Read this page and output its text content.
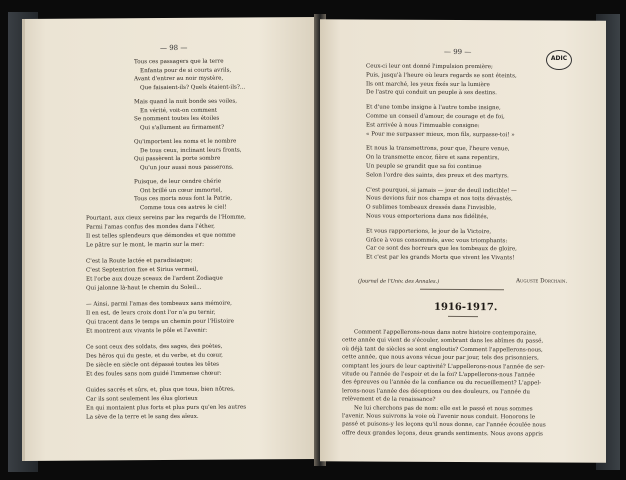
— 98 —
Tous ces passagers que la terre
Enfanta pour de si courts avrils,
Avant d'entrer au noir mystère,
Que faisaient-ils? Quels étaient-ils?...
Mais quand la nuit bonde ses voiles,
En vérité, voit-on comment
Se nomment toutes les étoiles
Qui s'allument au firmament?
Qu'importent les noms et le nombre
De tous ceux, inclinant leurs fronts,
Qui passèrent la porte sombre
Qu'un jour aussi nous passerons.
Puisque, de leur cendre chérie
Ont brillé un cœur immortel,
Tous ces morts nous font la Patrie,
Comme tous ces astres le ciel!
Pourtant, aux cieux sereins par les regards de l'Homme,
Parmi l'amas confus des mondes dans l'éther,
Il est telles splendeurs que démondes et que nomme
Le pâtre sur le mont, le marin sur la mer:
C'est la Route lactée et paradisiaque;
C'est Septentrion fixe et Sirius vermeil,
Et l'orbe aux douze sceaux de l'ardent Zodiaque
Qui jalonne là-haut le chemin du Soleil...
— Ainsi, parmi l'amas des tombeaux sans mémoire,
Il en est, de leurs croix dont l'or n'a pu ternir,
Qui tracent dans le temps un chemin pour l'Histoire
Et montrent aux vivants le pôle et l'avenir:
Ce sont ceux des soldats, des sages, des poètes,
Des héros qui du geste, et du verbe, et du cœur,
De siècle en siècle ont dépassé toutes les têtes
Et des foules sans nom guidé l'immense chœur:
Guides sacrés et sûrs, et, plus que tous, bien nôtres,
Car ils sont seulement les élus glorieux
En qui montaient plus forts et plus purs qu'en les autres
La sève de la terre et le sang des aïeux.
— 99 —
Ceux-ci leur ont donné l'impulsion première;
Puis, jusqu'à l'heure où leurs regards se sont éteints,
Ils ont marché, les yeux fixés sur la lumière
De l'astre qui conduit un peuple à ses destins.
Et d'une tombe insigne à l'autre tombe insigne,
Comme un conseil d'amour, de courage et de foi,
Est arrivée à nous l'immuable consigne:
« Pour me surpasser mieux, mon fils, surpasse-toi! »
Et nous la transmettrons, pour que, l'heure venue,
On la transmette encor, fière et sans repentirs,
Un peuple se grandit que sa foi continue
Selon l'ordre des saints, des preux et des martyrs.
C'est pourquoi, si jamais — jour de deuil indicible! —
Nous devions fuir nos champs et nos toits dévastés,
O sublimes tombeaux dressés dans l'invisible,
Nous vous emporterions dans nos fidélités,
Et vous rapporterions, le jour de la Victoire,
Grâce à vous consommés, avec vous triomphants:
Car ce sont des horreurs que les tombeaux de gloire,
Et c'est par les grands Morts que vivent les Vivants!
(Journal de l'Univ. des Annales.)	Auguste Dorchain.
1916-1917.
Comment l'appellerons-nous dans notre histoire contemporaine,
cette année qui vient de s'écouler, sombrant dans les abîmes du passé,
où déjà tant de siècles se sont engloutis? Comment l'appellerons-nous,
cette année, que nous avons vécue jour par jour, tels des prisonniers,
comptant les jours de leur captivité? L'appellerons-nous l'année de ser-
vitude ou l'année de l'espoir et de la foi? L'appellerons-nous l'année
des épreuves ou l'année de la confiance ou du recueillement? L'appel-
lerons-nous l'année des déceptions ou des douleurs, ou l'année du
relèvement et de la renaissance?
Ne lui cherchons pas de nom: elle est le passé et nous sommes
l'avenir. Nous suivrons la voie où l'avenir nous conduit. Honorons le
passé et puisons-y les leçons qu'il nous donne, car l'année écoulée nous
offre deux grandes leçons, deux grands sentiments. Nous avons appris
ADIC
